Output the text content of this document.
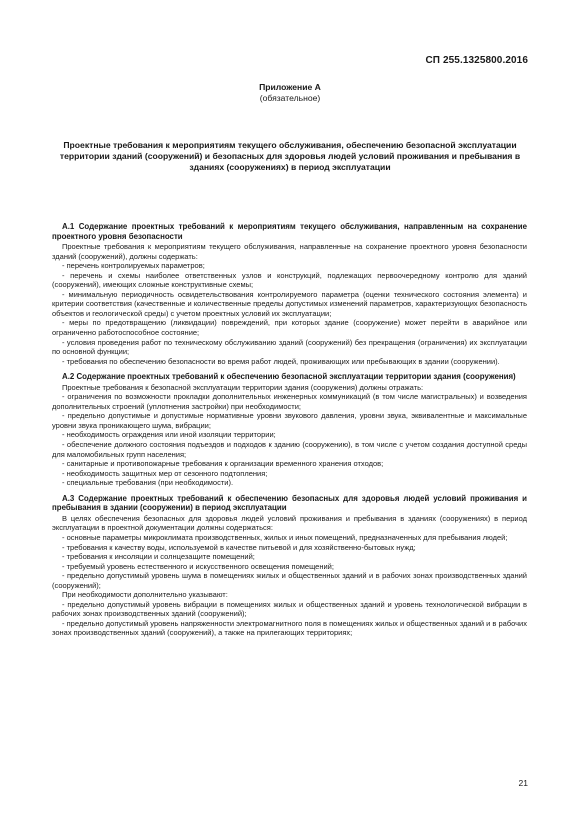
СП 255.1325800.2016
Приложение А
(обязательное)
Проектные требования к мероприятиям текущего обслуживания, обеспечению безопасной эксплуатации территории зданий (сооружений) и безопасных для здоровья людей условий проживания и пребывания в зданиях (сооружениях) в период эксплуатации
А.1 Содержание проектных требований к мероприятиям текущего обслуживания, направленным на сохранение проектного уровня безопасности

Проектные требования к мероприятиям текущего обслуживания, направленные на сохранение проектного уровня безопасности зданий (сооружений), должны содержать:

- перечень контролируемых параметров;

- перечень и схемы наиболее ответственных узлов и конструкций, подлежащих первоочередному контролю для зданий (сооружений), имеющих сложные конструктивные схемы;

- минимальную периодичность освидетельствования контролируемого параметра (оценки технического состояния элемента) и критерии соответствия (качественные и количественные пределы допустимых изменений параметров, характеризующих безопасность объектов и геологической среды) с учетом проектных условий их эксплуатации;

- меры по предотвращению (ликвидации) повреждений, при которых здание (сооружение) может перейти в аварийное или ограниченно работоспособное состояние;

- условия проведения работ по техническому обслуживанию зданий (сооружений) без прекращения (ограничения) их эксплуатации по основной функции;

- требования по обеспечению безопасности во время работ людей, проживающих или пребывающих в здании (сооружении).

А.2 Содержание проектных требований к обеспечению безопасной эксплуатации территории здания (сооружения)

Проектные требования к безопасной эксплуатации территории здания (сооружения) должны отражать:

- ограничения по возможности прокладки дополнительных инженерных коммуникаций (в том числе магистральных) и возведения дополнительных строений (уплотнения застройки) при необходимости;

- предельно допустимые и допустимые нормативные уровни звукового давления, уровни звука, эквивалентные и максимальные уровни звука проникающего шума, вибрации;

- необходимость ограждения или иной изоляции территории;

- обеспечение должного состояния подъездов и подходов к зданию (сооружению), в том числе с учетом создания доступной среды для маломобильных групп населения;

- санитарные и противопожарные требования к организации временного хранения отходов;

- необходимость защитных мер от сезонного подтопления;

- специальные требования (при необходимости).

А.3 Содержание проектных требований к обеспечению безопасных для здоровья людей условий проживания и пребывания в здании (сооружении) в период эксплуатации

В целях обеспечения безопасных для здоровья людей условий проживания и пребывания в зданиях (сооружениях) в период эксплуатации в проектной документации должны содержаться:

- основные параметры микроклимата производственных, жилых и иных помещений, предназначенных для пребывания людей;

- требования к качеству воды, используемой в качестве питьевой и для хозяйственно-бытовых нужд;

- требования к инсоляции и солнцезащите помещений;

- требуемый уровень естественного и искусственного освещения помещений;

- предельно допустимый уровень шума в помещениях жилых и общественных зданий и в рабочих зонах производственных зданий (сооружений);

При необходимости дополнительно указывают:

- предельно допустимый уровень вибрации в помещениях жилых и общественных зданий и уровень технологической вибрации в рабочих зонах производственных зданий (сооружений);

- предельно допустимый уровень напряженности электромагнитного поля в помещениях жилых и общественных зданий и в рабочих зонах производственных зданий (сооружений), а также на прилегающих территориях;

21
